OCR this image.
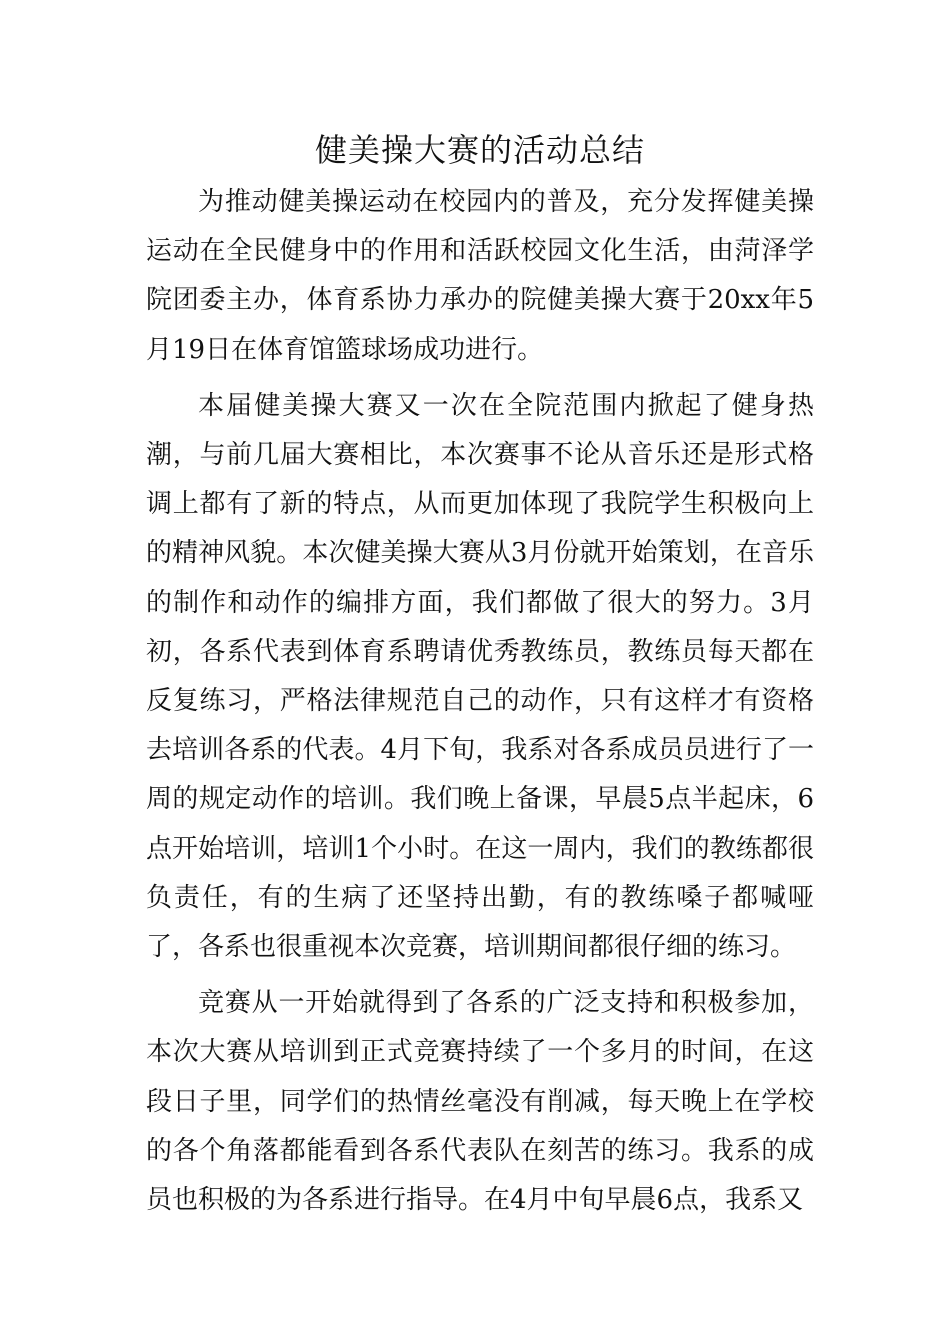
健美操大赛的活动总结

为推动健美操运动在校园内的普及，充分发挥健美操运动在全民健身中的作用和活跃校园文化生活，由菏泽学院团委主办，体育系协力承办的院健美操大赛于20xx年5月19日在体育馆篮球场成功进行。

本届健美操大赛又一次在全院范围内掀起了健身热潮，与前几届大赛相比，本次赛事不论从音乐还是形式格调上都有了新的特点，从而更加体现了我院学生积极向上的精神风貌。本次健美操大赛从3月份就开始策划，在音乐的制作和动作的编排方面，我们都做了很大的努力。3月初，各系代表到体育系聘请优秀教练员，教练员每天都在反复练习，严格法律规范自己的动作，只有这样才有资格去培训各系的代表。4月下旬，我系对各系成员员进行了一周的规定动作的培训。我们晚上备课，早晨5点半起床，6点开始培训，培训1个小时。在这一周内，我们的教练都很负责任，有的生病了还坚持出勤，有的教练嗓子都喊哑了，各系也很重视本次竞赛，培训期间都很仔细的练习。

竞赛从一开始就得到了各系的广泛支持和积极参加，本次大赛从培训到正式竞赛持续了一个多月的时间，在这段日子里，同学们的热情丝毫没有削减，每天晚上在学校的各个角落都能看到各系代表队在刻苦的练习。我系的成员也积极的为各系进行指导。在4月中旬早晨6点，我系又
